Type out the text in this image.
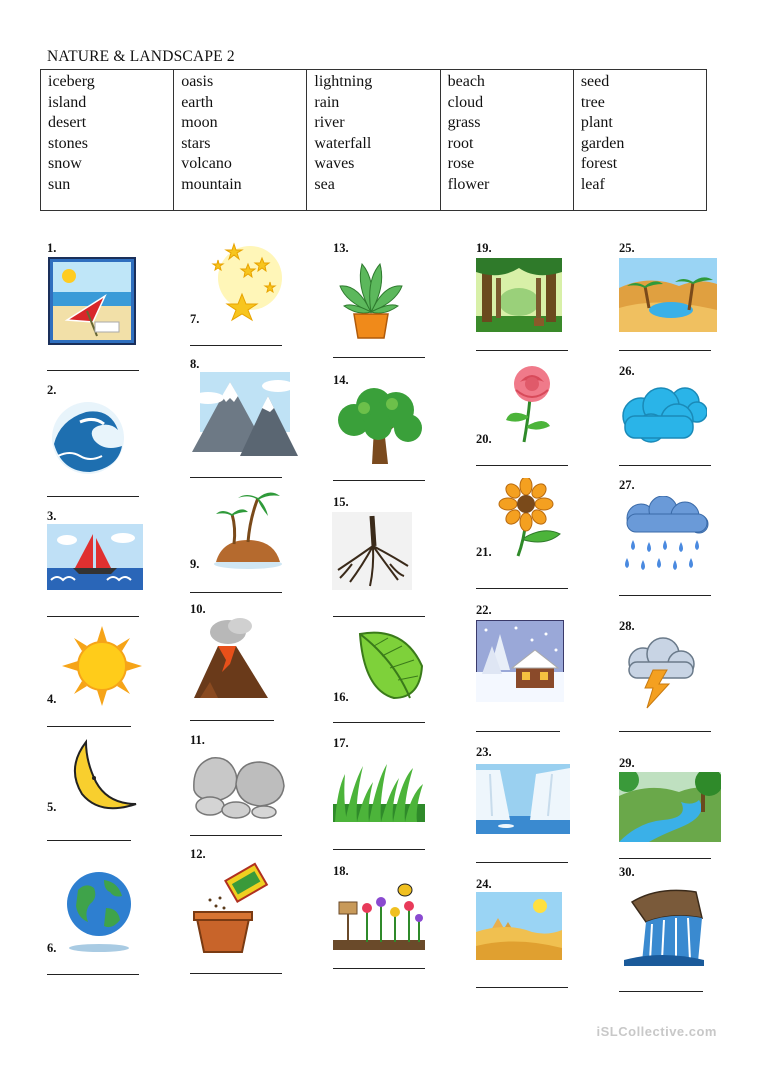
NATURE & LANDSCAPE 2
iceberg
island
desert
stones
snow
sun
oasis
earth
moon
stars
volcano
mountain
lightning
rain
river
waterfall
waves
sea
beach
cloud
grass
root
rose
flower
seed
tree
plant
garden
forest
leaf
1.
2.
3.
4.
5.
6.
7.
8.
9.
10.
11.
12.
13.
14.
15.
16.
17.
18.
19.
20.
21.
22.
23.
24.
25.
26.
27.
28.
29.
30.
iSLCollective.com
